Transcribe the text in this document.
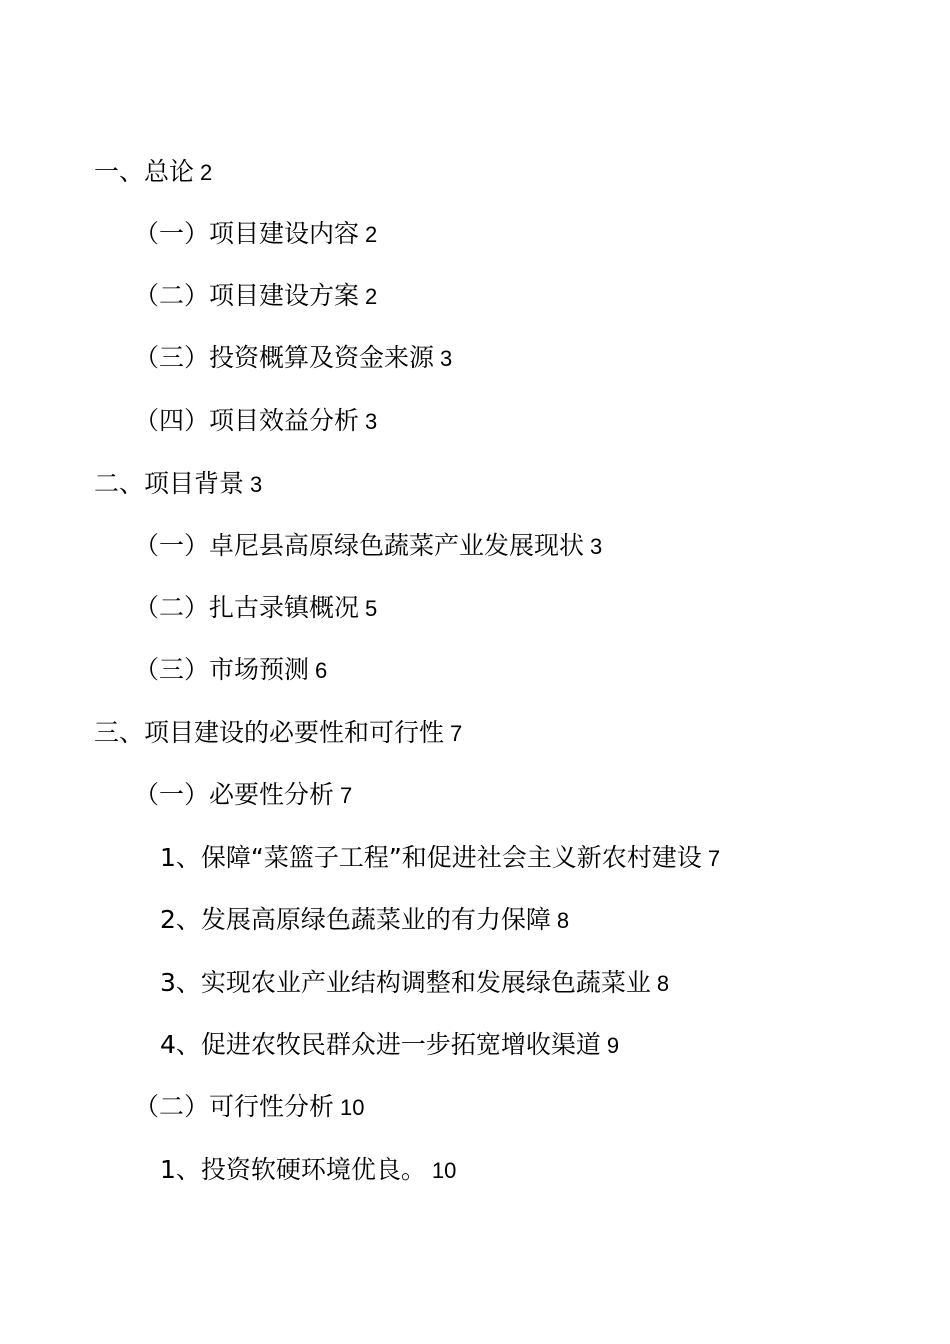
一、总论 2
（一）项目建设内容 2
（二）项目建设方案 2
（三）投资概算及资金来源 3
（四）项目效益分析 3
二、项目背景 3
（一）卓尼县高原绿色蔬菜产业发展现状 3
（二）扎古录镇概况 5
（三）市场预测 6
三、项目建设的必要性和可行性 7
（一）必要性分析 7
1、保障“菜篮子工程”和促进社会主义新农村建设 7
2、发展高原绿色蔬菜业的有力保障 8
3、实现农业产业结构调整和发展绿色蔬菜业 8
4、促进农牧民群众进一步拓宽增收渠道 9
（二）可行性分析 10
1、投资软硬环境优良。 10
